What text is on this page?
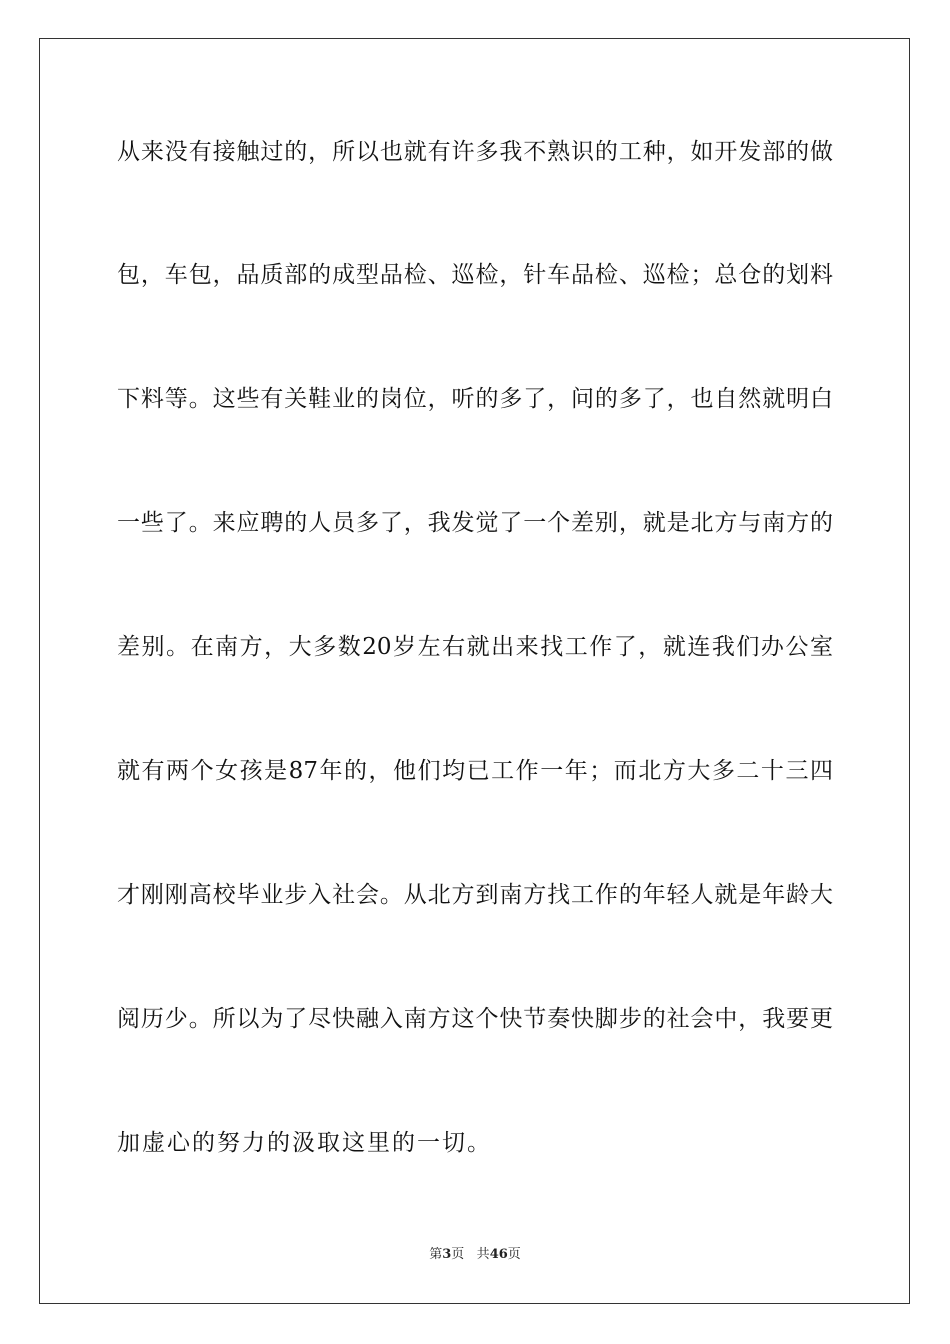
从来没有接触过的，所以也就有许多我不熟识的工种，如开发部的做
包，车包，品质部的成型品检、巡检，针车品检、巡检；总仓的划料
下料等。这些有关鞋业的岗位，听的多了，问的多了，也自然就明白
一些了。来应聘的人员多了，我发觉了一个差别，就是北方与南方的
差别。在南方，大多数20岁左右就出来找工作了，就连我们办公室
就有两个女孩是87年的，他们均已工作一年；而北方大多二十三四
才刚刚高校毕业步入社会。从北方到南方找工作的年轻人就是年龄大
阅历少。所以为了尽快融入南方这个快节奏快脚步的社会中，我要更
加虚心的努力的汲取这里的一切。
第3页 共46页
